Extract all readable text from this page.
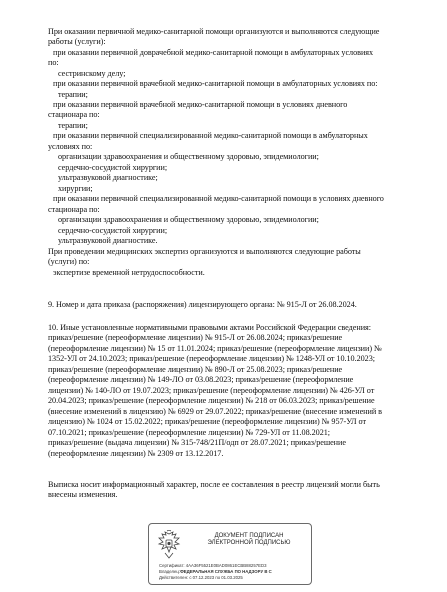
При оказании первичной медико-санитарной помощи организуются и выполняются следующие
работы (услуги):
при оказании первичной доврачебной медико-санитарной помощи в амбулаторных условиях
по:
сестринскому делу;
при оказании первичной врачебной медико-санитарной помощи в амбулаторных условиях по:
терапии;
при оказании первичной врачебной медико-санитарной помощи в условиях дневного
стационара по:
терапии;
при оказании первичной специализированной медико-санитарной помощи в амбулаторных
условиях по:
организации здравоохранения и общественному здоровью, эпидемиологии;
сердечно-сосудистой хирургии;
ультразвуковой диагностике;
хирургии;
при оказании первичной специализированной медико-санитарной помощи в условиях дневного
стационара по:
организации здравоохранения и общественному здоровью, эпидемиологии;
сердечно-сосудистой хирургии;
ультразвуковой диагностике.
При проведении медицинских экспертиз организуются и выполняются следующие работы
(услуги) по:
экспертизе временной нетрудоспособности.
9. Номер и дата приказа (распоряжения) лицензирующего органа: № 915-Л от 26.08.2024.
10. Иные установленные нормативными правовыми актами Российской Федерации сведения:
приказ/решение (переоформление лицензии) № 915-Л от 26.08.2024; приказ/решение
(переоформление лицензии) № 15 от 11.01.2024; приказ/решение (переоформление лицензии) №
1352-УЛ от 24.10.2023; приказ/решение (переоформление лицензии) № 1248-УЛ от 10.10.2023;
приказ/решение (переоформление лицензии) № 890-Л от 25.08.2023; приказ/решение
(переоформление лицензии) № 149-ЛО от 03.08.2023; приказ/решение (переоформление
лицензии) № 140-ЛО от 19.07.2023; приказ/решение (переоформление лицензии) № 426-УЛ от
20.04.2023; приказ/решение (переоформление лицензии) № 218 от 06.03.2023; приказ/решение
(внесение изменений в лицензию) № 6929 от 29.07.2022; приказ/решение (внесение изменений в
лицензию) № 1024 от 15.02.2022; приказ/решение (переоформление лицензии) № 957-УЛ от
07.10.2021; приказ/решение (переоформление лицензии) № 729-УЛ от 11.08.2021;
приказ/решение (выдача лицензии) № 315-748/21П/одп от 28.07.2021; приказ/решение
(переоформление лицензии) № 2309 от 13.12.2017.
Выписка носит информационный характер, после ее составления в реестр лицензий могли быть
внесены изменения.
ДОКУМЕНТ ПОДПИСАН
ЭЛЕКТРОННОЙ ПОДПИСЬЮ
Сертификат: 4AA36F5521E0BAD0861ECBB88257ED3
Владелец:ФЕДЕРАЛЬНАЯ СЛУЖБА ПО НАДЗОРУ В С
Действителен: с 07.12.2023 по 01.03.2025
